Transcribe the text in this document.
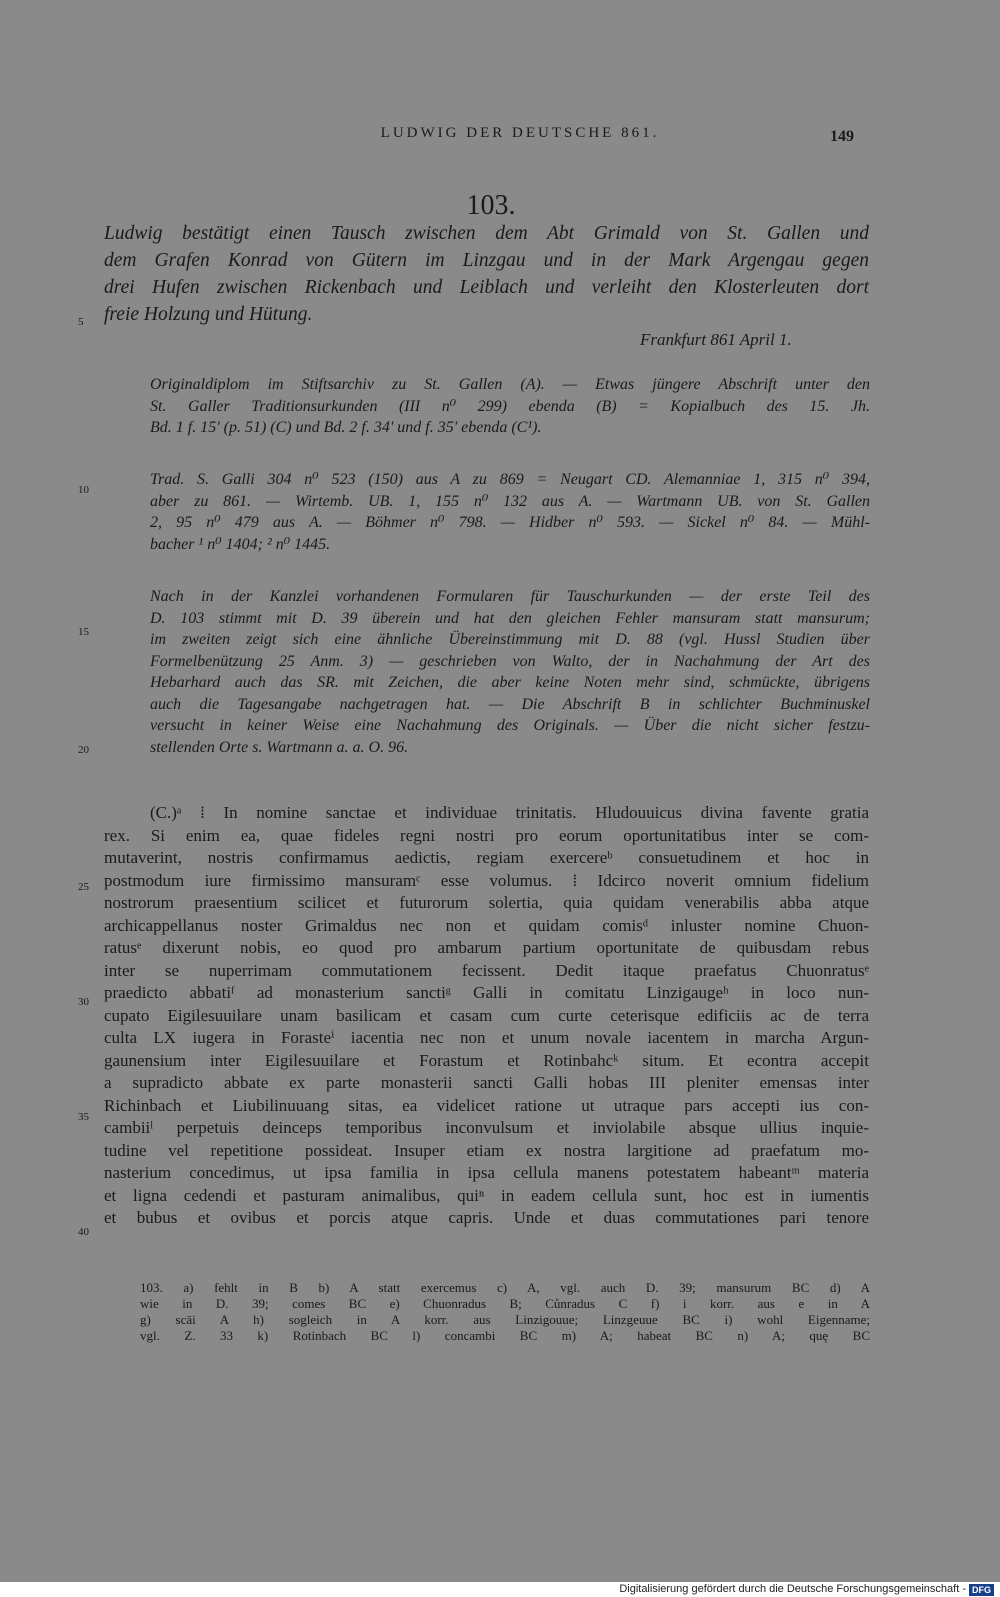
LUDWIG DER DEUTSCHE 861.	149
103.
Ludwig bestätigt einen Tausch zwischen dem Abt Grimald von St. Gallen und
dem Grafen Konrad von Gütern im Linzgau und in der Mark Argengau gegen
drei Hufen zwischen Rickenbach und Leiblach und verleiht den Klosterleuten dort
freie Holzung und Hütung.
Frankfurt 861 April 1.
Originaldiplom im Stiftsarchiv zu St. Gallen (A). — Etwas jüngere Abschrift unter den
St. Galler Traditionsurkunden (III n⁰ 299) ebenda (B) = Kopialbuch des 15. Jh.
Bd. 1 f. 15' (p. 51) (C) und Bd. 2 f. 34' und f. 35' ebenda (C¹).
Trad. S. Galli 304 n⁰ 523 (150) aus A zu 869 = Neugart CD. Alemanniae 1, 315 n⁰ 394,
aber zu 861. — Wirtemb. UB. 1, 155 n⁰ 132 aus A. — Wartmann UB. von St. Gallen
2, 95 n⁰ 479 aus A. — Böhmer n⁰ 798. — Hidber n⁰ 593. — Sickel n⁰ 84. — Mühl-
bacher ¹ n⁰ 1404; ² n⁰ 1445.
Nach in der Kanzlei vorhandenen Formularen für Tauschurkunden — der erste Teil des
D. 103 stimmt mit D. 39 überein und hat den gleichen Fehler mansuram statt mansurum;
im zweiten zeigt sich eine ähnliche Übereinstimmung mit D. 88 (vgl. Hussl Studien über
Formelbenützung 25 Anm. 3) — geschrieben von Walto, der in Nachahmung der Art des
Hebarhard auch das SR. mit Zeichen, die aber keine Noten mehr sind, schmückte, übrigens
auch die Tagesangabe nachgetragen hat. — Die Abschrift B in schlichter Buchminuskel
versucht in keiner Weise eine Nachahmung des Originals. — Über die nicht sicher festzu-
stellenden Orte s. Wartmann a. a. O. 96.
(C.)ᵃ ⁞ In nomine sanctae et individuae trinitatis. Hludouuicus divina favente gratia
rex. Si enim ea, quae fideles regni nostri pro eorum oportunitatibus inter se com-
mutaverint, nostris confirmamus aedictis, regiam exercereᵇ consuetudinem et hoc in
postmodum iure firmissimo mansuramᶜ esse volumus. ⁞ Idcirco noverit omnium fidelium
nostrorum praesentium scilicet et futurorum solertia, quia quidam venerabilis abba atque
archicappellanus noster Grimaldus nec non et quidam comisᵈ inluster nomine Chuon-
ratusᵉ dixerunt nobis, eo quod pro ambarum partium oportunitate de quibusdam rebus
inter se nuperrimam commutationem fecissent. Dedit itaque praefatus Chuonratusᵉ
praedicto abbatiᶠ ad monasterium sanctiᵍ Galli in comitatu Linzigaugeʰ in loco nun-
cupato Eigilesuuilare unam basilicam et casam cum curte ceterisque edificiis ac de terra
culta LX iugera in Forasteⁱ iacentia nec non et unum novale iacentem in marcha Argun-
gaunensium inter Eigilesuuilare et Forastum et Rotinbahcᵏ situm. Et econtra accepit
a supradicto abbate ex parte monasterii sancti Galli hobas III pleniter emensas inter
Richinbach et Liubilinuuang sitas, ea videlicet ratione ut utraque pars accepti ius con-
cambiiˡ perpetuis deinceps temporibus inconvulsum et inviolabile absque ullius inquie-
tudine vel repetitione possideat. Insuper etiam ex nostra largitione ad praefatum mo-
nasterium concedimus, ut ipsa familia in ipsa cellula manens potestatem habeantᵐ materia
et ligna cedendi et pasturam animalibus, quiⁿ in eadem cellula sunt, hoc est in iumentis
et bubus et ovibus et porcis atque capris. Unde et duas commutationes pari tenore
103. a) fehlt in B b) A statt exercemus c) A, vgl. auch D. 39; mansurum BC d) A
wie in D. 39; comes BC e) Chuonradus B; Cůnradus C f) i korr. aus e in A
g) scāi A h) sogleich in A korr. aus Linzigouue; Linzgeuue BC i) wohl Eigenname;
vgl. Z. 33 k) Rotinbach BC l) concambi BC m) A; habeat BC n) A; quę BC
5
10
15
20
25
30
35
40
Digitalisierung gefördert durch die Deutsche Forschungsgemeinschaft - DFG
